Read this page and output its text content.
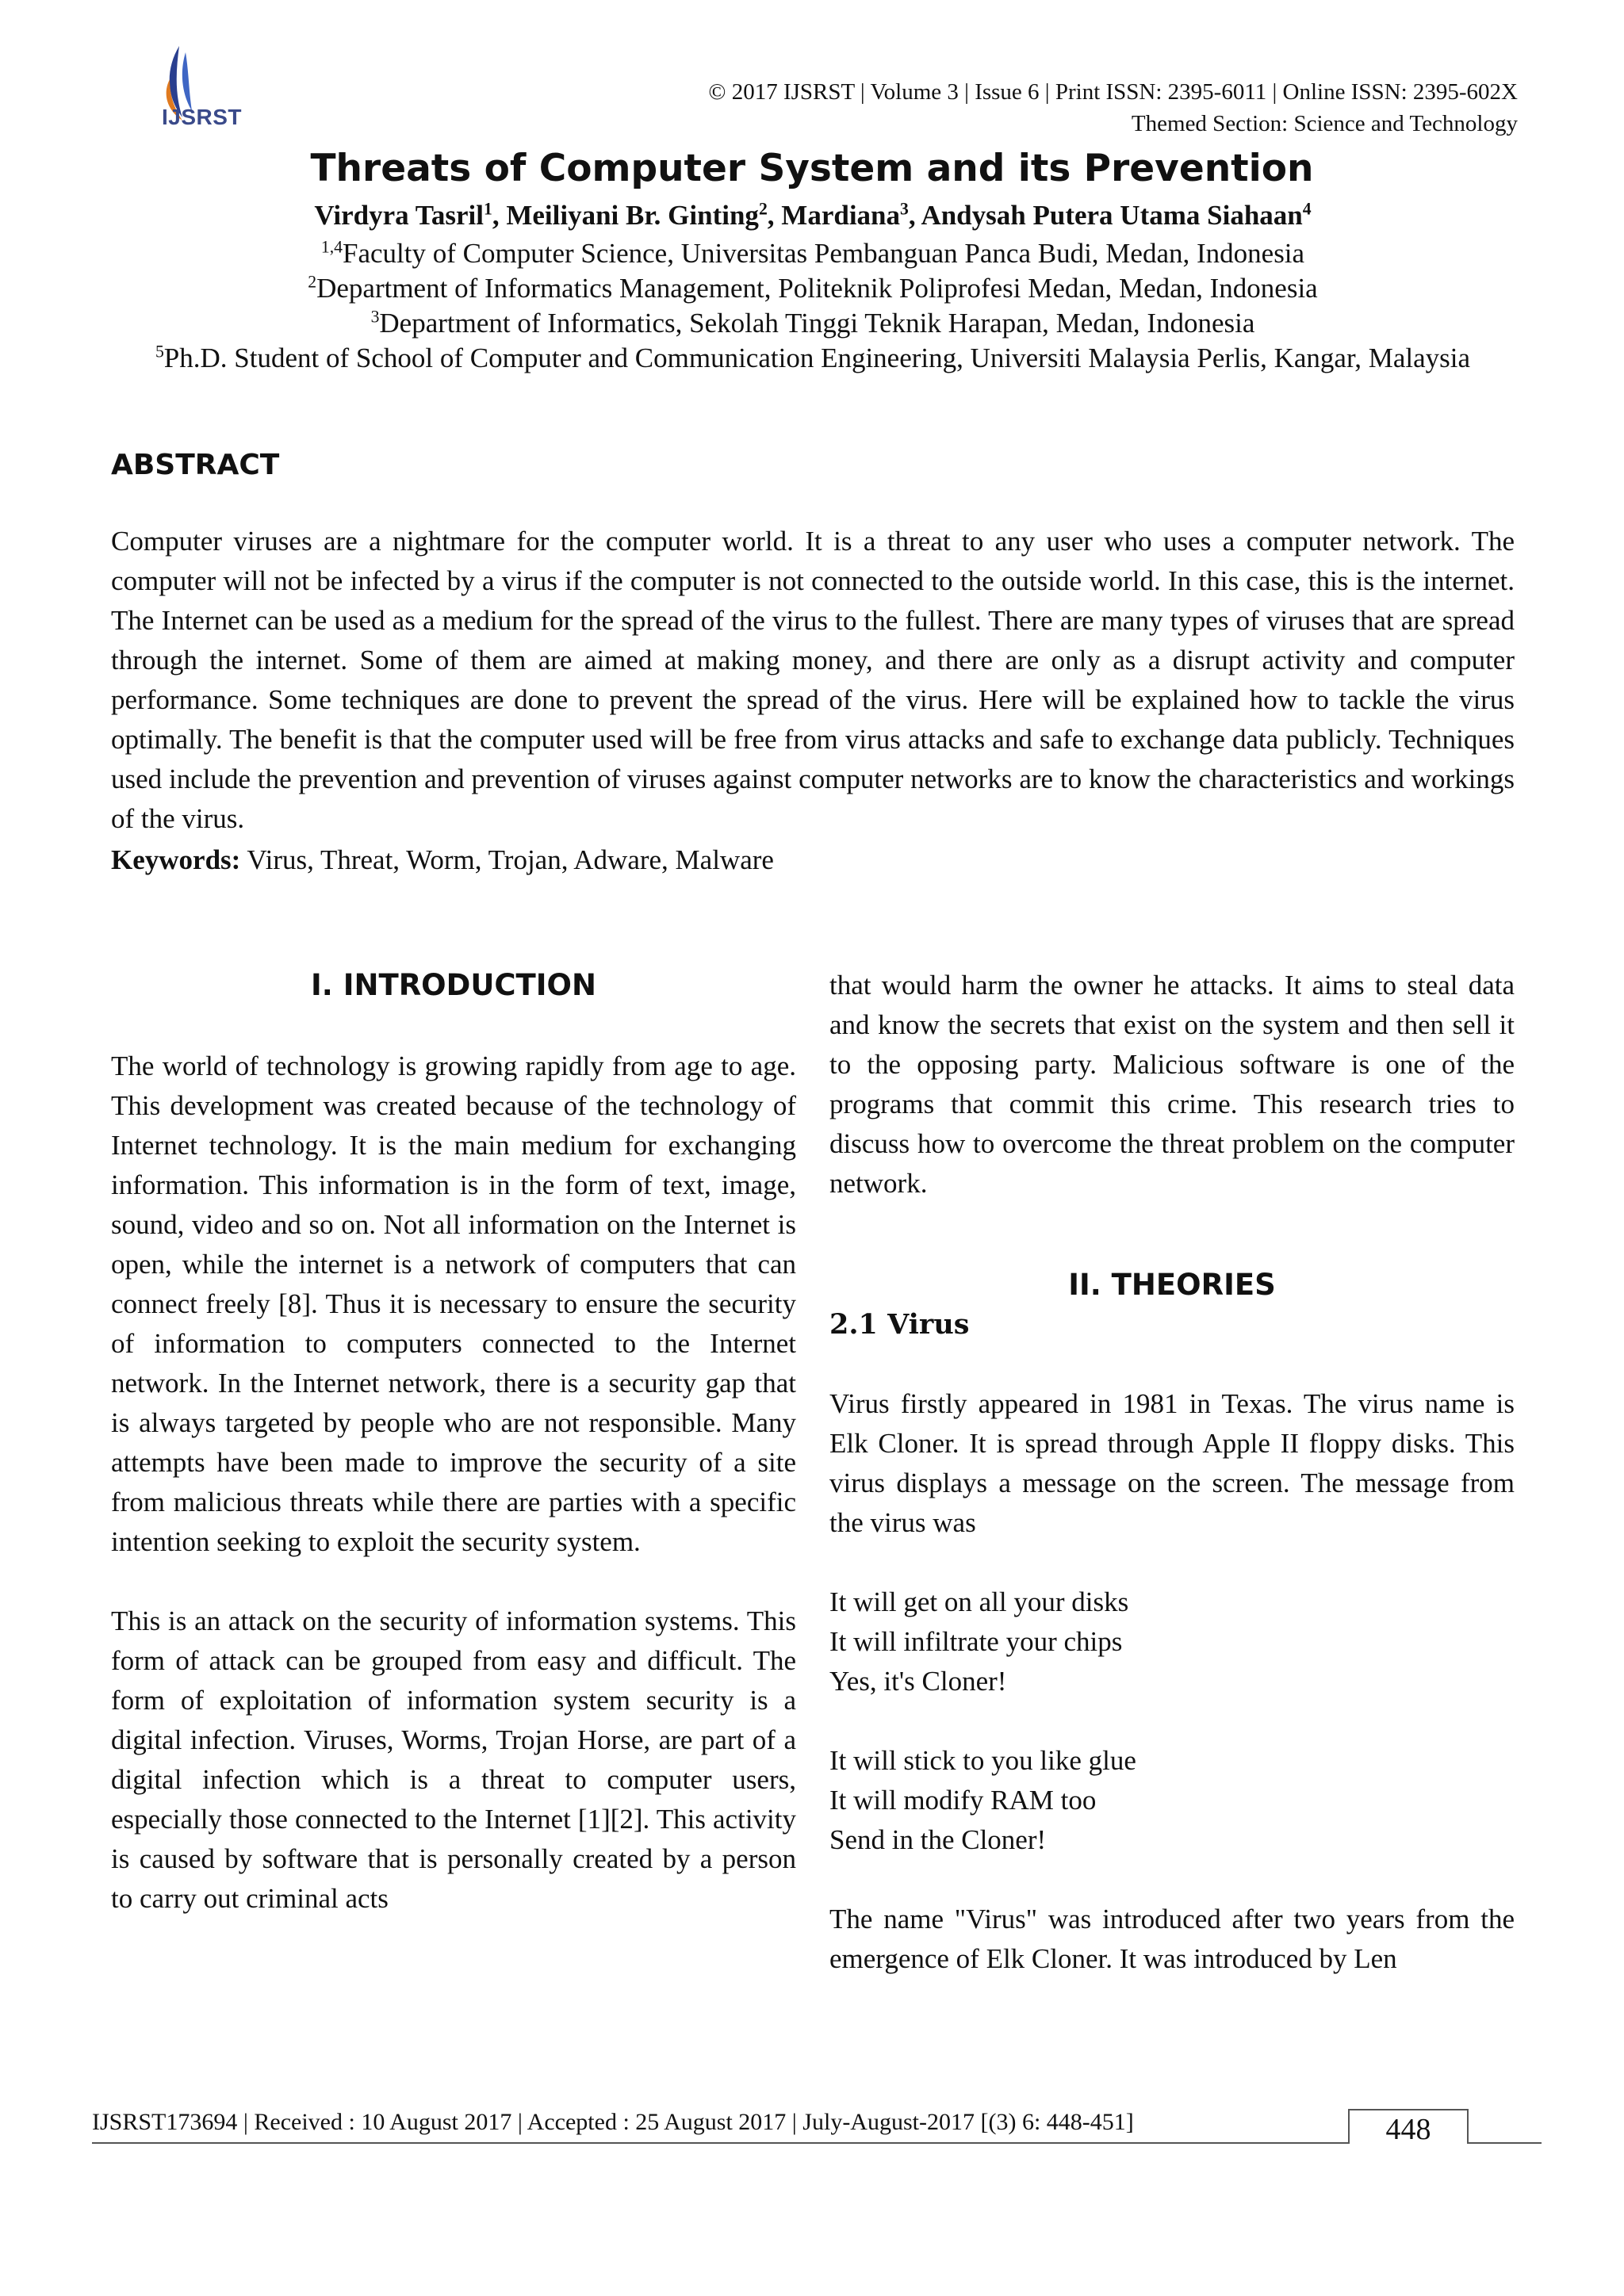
IJSRST
© 2017 IJSRST | Volume 3 | Issue 6 | Print ISSN: 2395-6011 | Online ISSN: 2395-602X
Themed Section: Science and Technology
Threats of Computer System and its Prevention
Virdyra Tasril$^1$, Meiliyani Br. Ginting$^2$, Mardiana$^3$, Andysah Putera Utama Siahaan$^4$
$^{1,4}$Faculty of Computer Science, Universitas Pembanguan Panca Budi, Medan, Indonesia
$^2$Department of Informatics Management, Politeknik Poliprofesi Medan, Medan, Indonesia
$^3$Department of Informatics, Sekolah Tinggi Teknik Harapan, Medan, Indonesia
$^5$Ph.D. Student of School of Computer and Communication Engineering, Universiti Malaysia Perlis, Kangar, Malaysia
ABSTRACT

Computer viruses are a nightmare for the computer world. It is a threat to any user who uses a computer network. The computer will not be infected by a virus if the computer is not connected to the outside world. In this case, this is the internet. The Internet can be used as a medium for the spread of the virus to the fullest. There are many types of viruses that are spread through the internet. Some of them are aimed at making money, and there are only as a disrupt activity and computer performance. Some techniques are done to prevent the spread of the virus. Here will be explained how to tackle the virus optimally. The benefit is that the computer used will be free from virus attacks and safe to exchange data publicly. Techniques used include the prevention and prevention of viruses against computer networks are to know the characteristics and workings of the virus.

Keywords: Virus, Threat, Worm, Trojan, Adware, Malware
I. INTRODUCTION

The world of technology is growing rapidly from age to age. This development was created because of the technology of Internet technology. It is the main medium for exchanging information. This information is in the form of text, image, sound, video and so on. Not all information on the Internet is open, while the internet is a network of computers that can connect freely [8]. Thus it is necessary to ensure the security of information to computers connected to the Internet network. In the Internet network, there is a security gap that is always targeted by people who are not responsible. Many attempts have been made to improve the security of a site from malicious threats while there are parties with a specific intention seeking to exploit the security system.

This is an attack on the security of information systems. This form of attack can be grouped from easy and difficult. The form of exploitation of information system security is a digital infection. Viruses, Worms, Trojan Horse, are part of a digital infection which is a threat to computer users, especially those connected to the Internet [1][2]. This activity is caused by software that is personally created by a person to carry out criminal acts

that would harm the owner he attacks. It aims to steal data and know the secrets that exist on the system and then sell it to the opposing party. Malicious software is one of the programs that commit this crime. This research tries to discuss how to overcome the threat problem on the computer network.

II. THEORIES
2.1 Virus

Virus firstly appeared in 1981 in Texas. The virus name is Elk Cloner. It is spread through Apple II floppy disks. This virus displays a message on the screen. The message from the virus was

It will get on all your disks
It will infiltrate your chips
Yes, it's Cloner!
It will stick to you like glue
It will modify RAM too
Send in the Cloner!

The name "Virus" was introduced after two years from the emergence of Elk Cloner. It was introduced by Len

IJSRST173694 | Received : 10 August 2017 | Accepted : 25 August 2017 | July-August-2017 [(3) 6: 448-451]	448
